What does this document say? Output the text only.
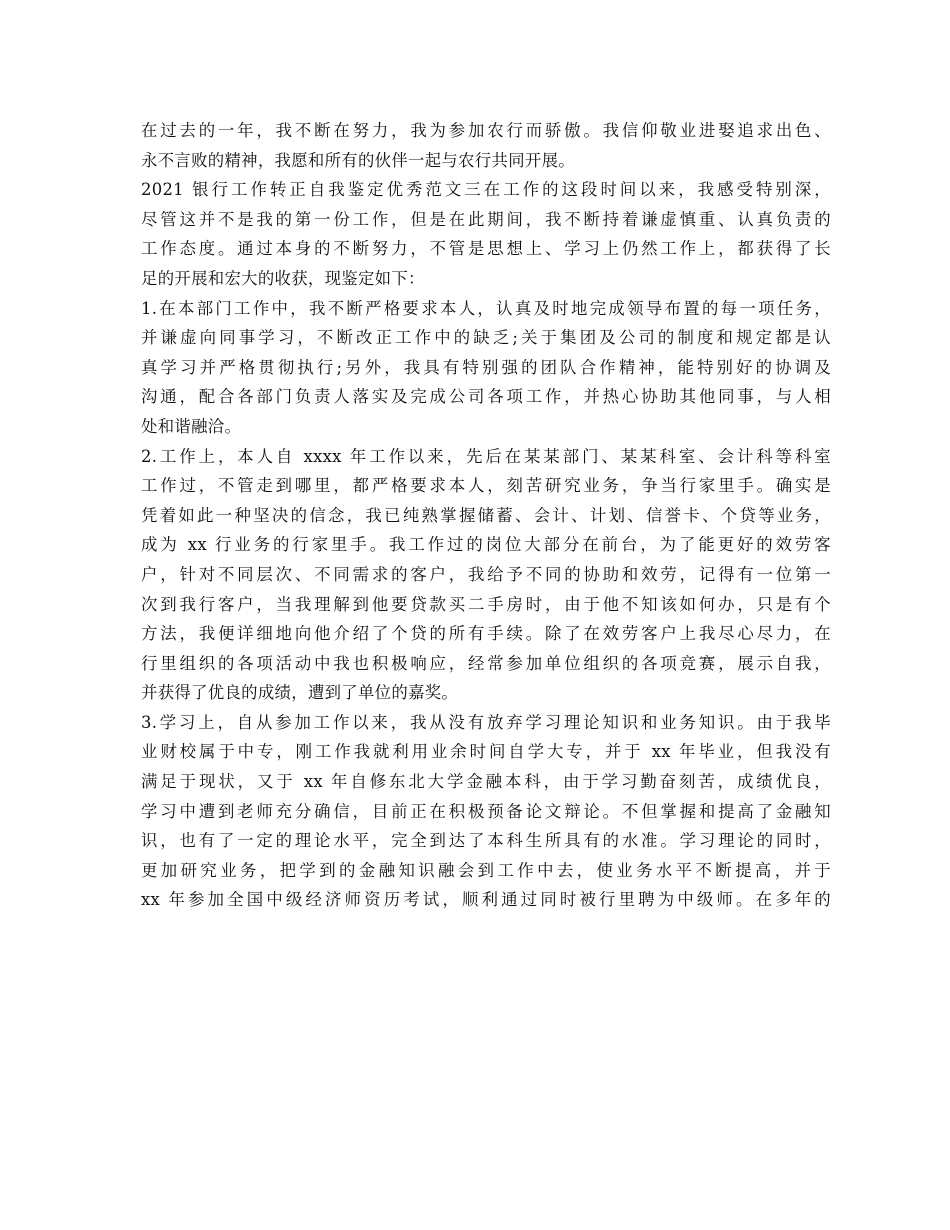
在过去的一年，我不断在努力，我为参加农行而骄傲。我信仰敬业进娶追求出色、
永不言败的精神，我愿和所有的伙伴一起与农行共同开展。
2021 银行工作转正自我鉴定优秀范文三在工作的这段时间以来，我感受特别深，
尽管这并不是我的第一份工作，但是在此期间，我不断持着谦虚慎重、认真负责的
工作态度。通过本身的不断努力，不管是思想上、学习上仍然工作上，都获得了长
足的开展和宏大的收获，现鉴定如下：
1.在本部门工作中，我不断严格要求本人，认真及时地完成领导布置的每一项任务，
并谦虚向同事学习，不断改正工作中的缺乏;关于集团及公司的制度和规定都是认
真学习并严格贯彻执行;另外，我具有特别强的团队合作精神，能特别好的协调及
沟通，配合各部门负责人落实及完成公司各项工作，并热心协助其他同事，与人相
处和谐融洽。
2.工作上，本人自 xxxx 年工作以来，先后在某某部门、某某科室、会计科等科室
工作过，不管走到哪里，都严格要求本人，刻苦研究业务，争当行家里手。确实是
凭着如此一种坚决的信念，我已纯熟掌握储蓄、会计、计划、信誉卡、个贷等业务，
成为 xx 行业务的行家里手。我工作过的岗位大部分在前台，为了能更好的效劳客
户，针对不同层次、不同需求的客户，我给予不同的协助和效劳，记得有一位第一
次到我行客户，当我理解到他要贷款买二手房时，由于他不知该如何办，只是有个
方法，我便详细地向他介绍了个贷的所有手续。除了在效劳客户上我尽心尽力，在
行里组织的各项活动中我也积极响应，经常参加单位组织的各项竞赛，展示自我，
并获得了优良的成绩，遭到了单位的嘉奖。
3.学习上，自从参加工作以来，我从没有放弃学习理论知识和业务知识。由于我毕
业财校属于中专，刚工作我就利用业余时间自学大专，并于 xx 年毕业，但我没有
满足于现状，又于 xx 年自修东北大学金融本科，由于学习勤奋刻苦，成绩优良，
学习中遭到老师充分确信，目前正在积极预备论文辩论。不但掌握和提高了金融知
识，也有了一定的理论水平，完全到达了本科生所具有的水准。学习理论的同时，
更加研究业务，把学到的金融知识融会到工作中去，使业务水平不断提高，并于
xx 年参加全国中级经济师资历考试，顺利通过同时被行里聘为中级师。在多年的
